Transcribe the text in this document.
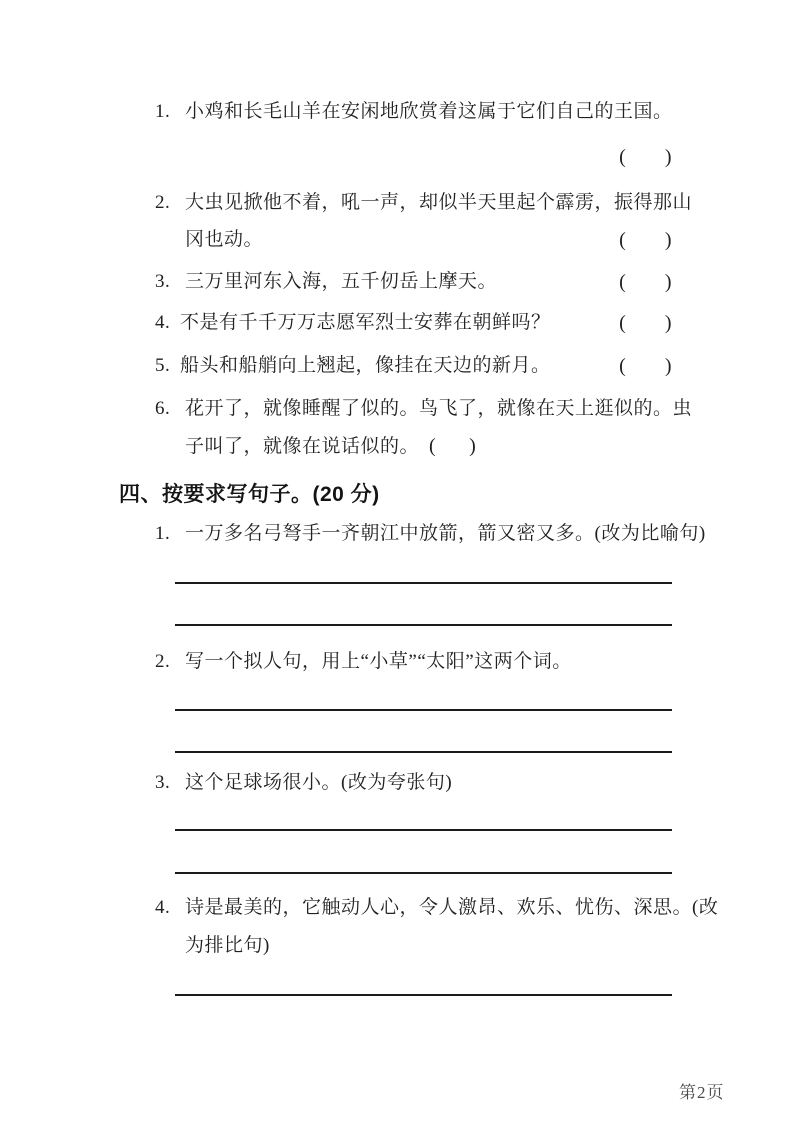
1. 小鸡和长毛山羊在安闲地欣赏着这属于它们自己的王国。
(       )
2. 大虫见掀他不着，吼一声，却似半天里起个霹雳，振得那山
冈也动。	(       )
3. 三万里河东入海，五千仞岳上摩天。	(       )
4. 不是有千千万万志愿军烈士安葬在朝鲜吗？	(       )
5. 船头和船艄向上翘起，像挂在天边的新月。	(       )
6. 花开了，就像睡醒了似的。鸟飞了，就像在天上逛似的。虫
子叫了，就像在说话似的。 (      )
四、按要求写句子。(20 分)
1. 一万多名弓弩手一齐朝江中放箭，箭又密又多。(改为比喻句)
2. 写一个拟人句，用上“小草”“太阳”这两个词。
3. 这个足球场很小。(改为夸张句)
4. 诗是最美的，它触动人心，令人激昂、欢乐、忧伤、深思。(改
为排比句)
第2页
